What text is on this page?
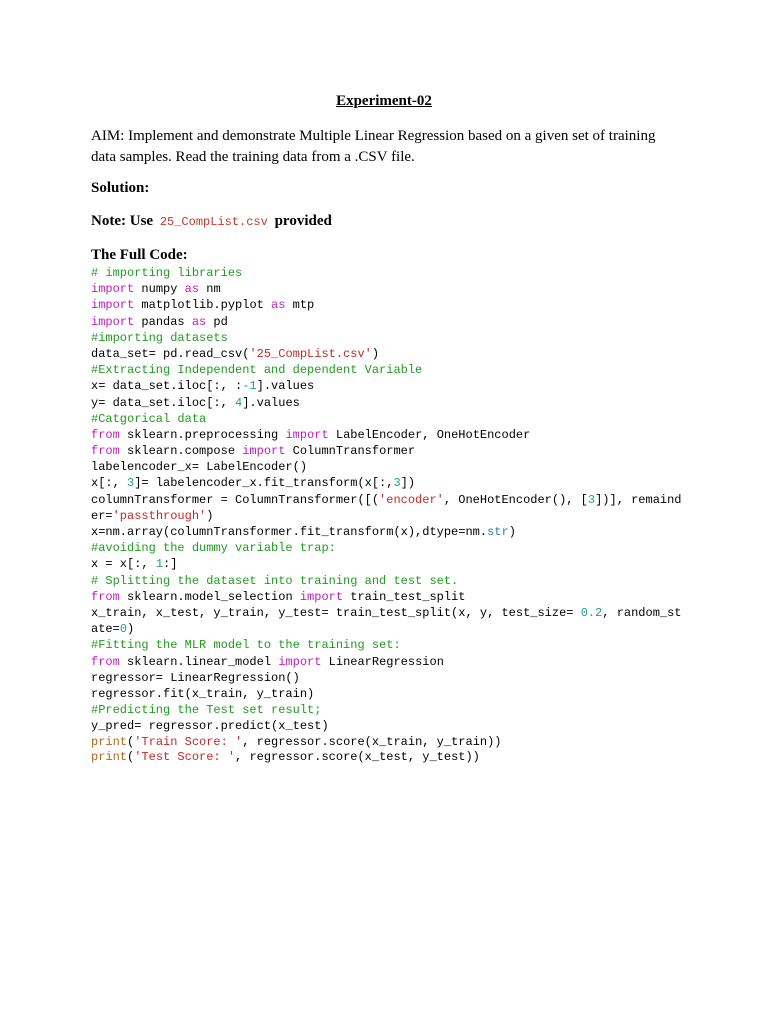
Experiment-02
AIM: Implement and demonstrate Multiple Linear Regression based on a given set of training data samples. Read the training data from a .CSV file.
Solution:
Note: Use 25_CompList.csv provided
The Full Code:
# importing libraries
import numpy as nm
import matplotlib.pyplot as mtp
import pandas as pd
#importing datasets
data_set= pd.read_csv('25_CompList.csv')
#Extracting Independent and dependent Variable
x= data_set.iloc[:, :-1].values
y= data_set.iloc[:, 4].values
#Catgorical data
from sklearn.preprocessing import LabelEncoder, OneHotEncoder
from sklearn.compose import ColumnTransformer
labelencoder_x= LabelEncoder()
x[:, 3]= labelencoder_x.fit_transform(x[:,3])
columnTransformer = ColumnTransformer([('encoder', OneHotEncoder(), [3])], remaind
er='passthrough')
x=nm.array(columnTransformer.fit_transform(x),dtype=nm.str)
#avoiding the dummy variable trap:
x = x[:, 1:]
# Splitting the dataset into training and test set.
from sklearn.model_selection import train_test_split
x_train, x_test, y_train, y_test= train_test_split(x, y, test_size= 0.2, random_st
ate=0)
#Fitting the MLR model to the training set:
from sklearn.linear_model import LinearRegression
regressor= LinearRegression()
regressor.fit(x_train, y_train)
#Predicting the Test set result;
y_pred= regressor.predict(x_test)
print('Train Score: ', regressor.score(x_train, y_train))
print('Test Score: ', regressor.score(x_test, y_test))
